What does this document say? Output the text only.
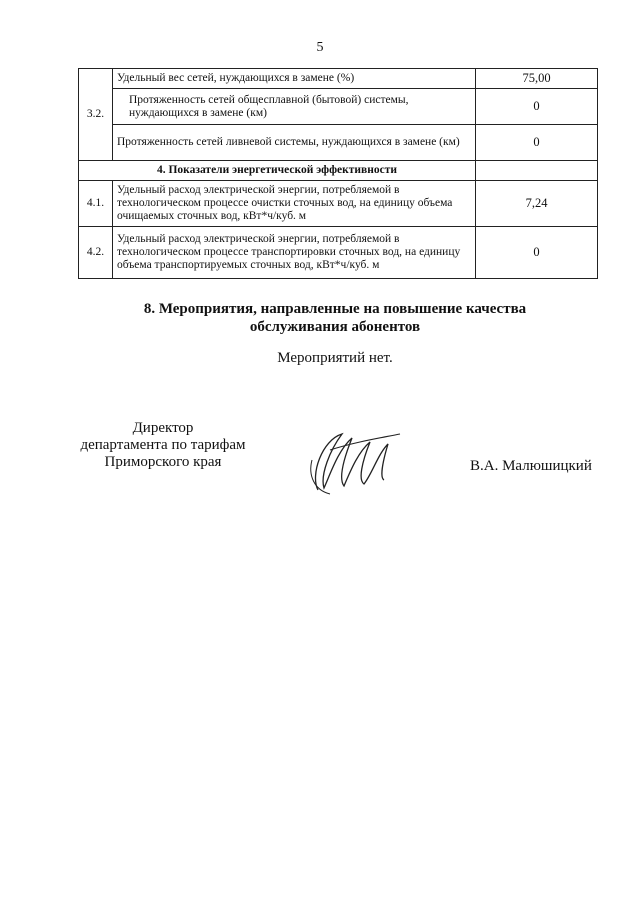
5
3.2.	Удельный вес сетей, нуждающихся в замене (%)	75,00
	Протяженность сетей общесплавной (бытовой) системы, нуждающихся в замене (км)	0
	Протяженность сетей ливневой системы, нуждающихся в замене (км)	0
4. Показатели энергетической эффективности		
4.1.	Удельный расход электрической энергии, потребляемой в технологическом процессе очистки сточных вод, на единицу объема очищаемых сточных вод, кВт*ч/куб. м	7,24
4.2.	Удельный расход электрической энергии, потребляемой в технологическом процессе транспортировки сточных вод, на единицу объема транспортируемых сточных вод, кВт*ч/куб. м	0
8. Мероприятия, направленные на повышение качества
обслуживания абонентов
Мероприятий нет.
Директор
департамента по тарифам
Приморского края	В.А. Малюшицкий
